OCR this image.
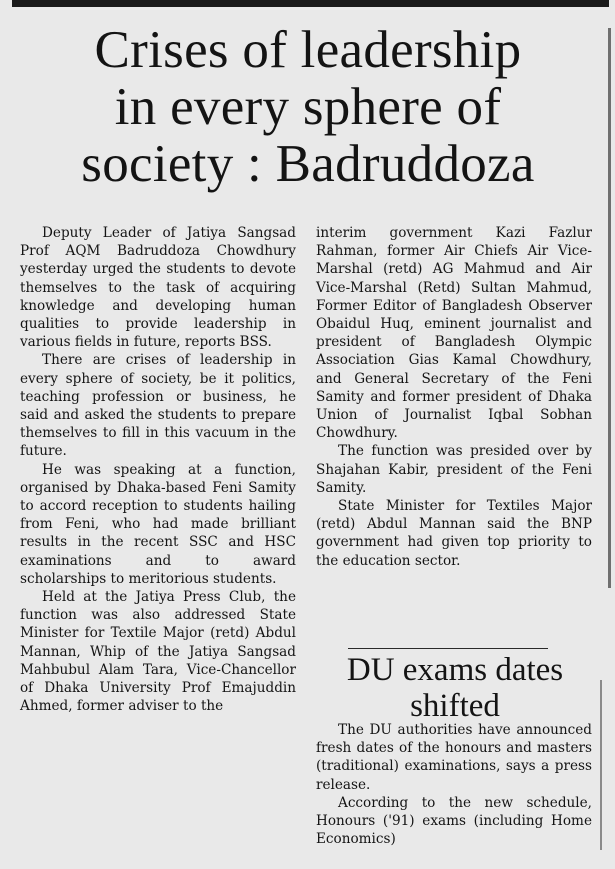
Crises of leadership
in every sphere of
society : Badruddoza

Deputy Leader of Jatiya Sangsad Prof AQM Badruddoza Chowdhury yesterday urged the students to devote themselves to the task of acquiring knowledge and developing human qualities to provide leadership in various fields in future, reports BSS.

There are crises of leadership in every sphere of society, be it politics, teaching profession or business, he said and asked the students to prepare themselves to fill in this vacuum in the future.

He was speaking at a function, organised by Dhaka-based Feni Samity to accord reception to students hailing from Feni, who had made brilliant results in the recent SSC and HSC examinations and to award scholarships to meritorious students.

Held at the Jatiya Press Club, the function was also addressed State Minister for Textile Major (retd) Abdul Mannan, Whip of the Jatiya Sangsad Mahbubul Alam Tara, Vice-Chancellor of Dhaka University Prof Emajuddin Ahmed, former adviser to the

interim government Kazi Fazlur Rahman, former Air Chiefs Air Vice-Marshal (retd) AG Mahmud and Air Vice-Marshal (Retd) Sultan Mahmud, Former Editor of Bangladesh Observer Obaidul Huq, eminent journalist and president of Bangladesh Olympic Association Gias Kamal Chowdhury, and General Secretary of the Feni Samity and former president of Dhaka Union of Journalist Iqbal Sobhan Chowdhury.

The function was presided over by Shajahan Kabir, president of the Feni Samity.

State Minister for Textiles Major (retd) Abdul Mannan said the BNP government had given top priority to the education sector.

DU exams dates
shifted

The DU authorities have announced fresh dates of the honours and masters (traditional) examinations, says a press release.

According to the new schedule, Honours ('91) exams (including Home Economics)
